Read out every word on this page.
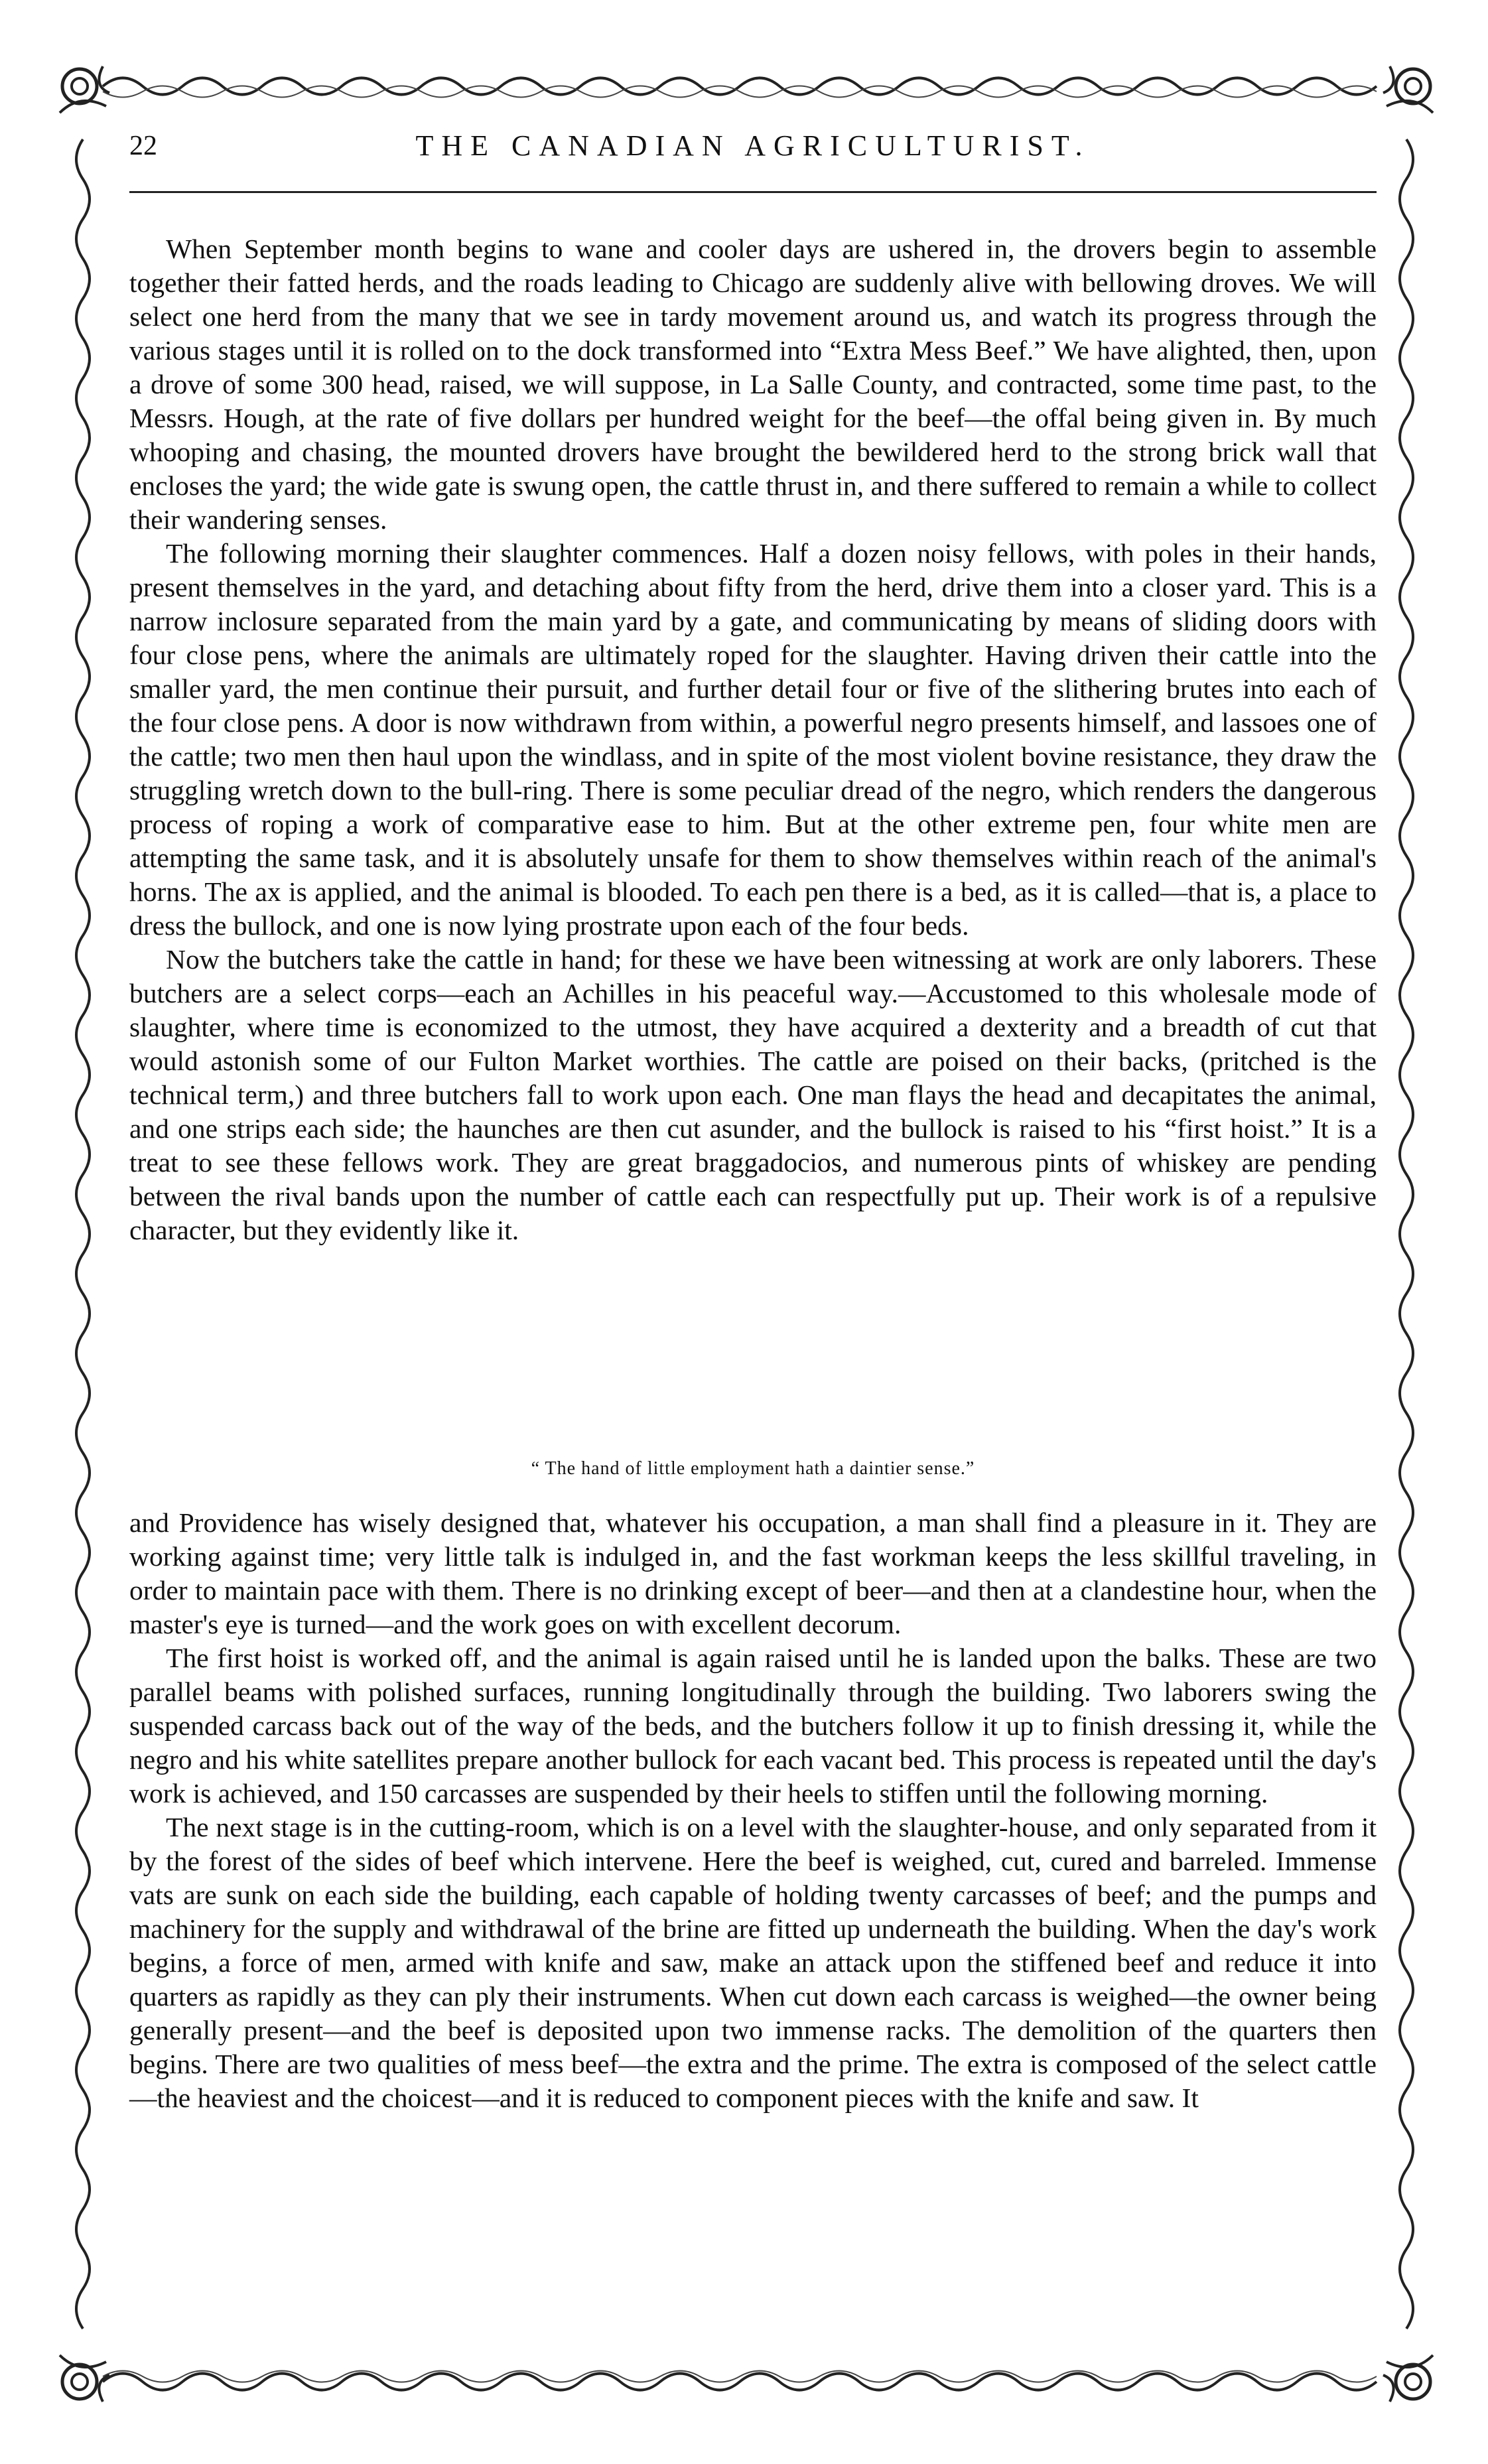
22	THE CANADIAN AGRICULTURIST.

When September month begins to wane and cooler days are ushered in, the drovers begin to assemble together their fatted herds, and the roads leading to Chicago are suddenly alive with bellowing droves. We will select one herd from the many that we see in tardy movement around us, and watch its progress through the various stages until it is rolled on to the dock transformed into “Extra Mess Beef.” We have alighted, then, upon a drove of some 300 head, raised, we will suppose, in La Salle County, and contracted, some time past, to the Messrs. Hough, at the rate of five dollars per hundred weight for the beef—the offal being given in. By much whooping and chasing, the mounted drovers have brought the bewildered herd to the strong brick wall that encloses the yard; the wide gate is swung open, the cattle thrust in, and there suffered to remain a while to collect their wandering senses.

The following morning their slaughter commences. Half a dozen noisy fellows, with poles in their hands, present themselves in the yard, and detaching about fifty from the herd, drive them into a closer yard. This is a narrow inclosure separated from the main yard by a gate, and communicating by means of sliding doors with four close pens, where the animals are ultimately roped for the slaughter. Having driven their cattle into the smaller yard, the men continue their pursuit, and further detail four or five of the slithering brutes into each of the four close pens. A door is now withdrawn from within, a powerful negro presents himself, and lassoes one of the cattle; two men then haul upon the windlass, and in spite of the most violent bovine resistance, they draw the struggling wretch down to the bull-ring. There is some peculiar dread of the negro, which renders the dangerous process of roping a work of comparative ease to him. But at the other extreme pen, four white men are attempting the same task, and it is absolutely unsafe for them to show themselves within reach of the animal's horns. The ax is applied, and the animal is blooded. To each pen there is a bed, as it is called—that is, a place to dress the bullock, and one is now lying prostrate upon each of the four beds.

Now the butchers take the cattle in hand; for these we have been witnessing at work are only laborers. These butchers are a select corps—each an Achilles in his peaceful way.—Accustomed to this wholesale mode of slaughter, where time is economized to the utmost, they have acquired a dexterity and a breadth of cut that would astonish some of our Fulton Market worthies. The cattle are poised on their backs, (pritched is the technical term,) and three butchers fall to work upon each. One man flays the head and decapitates the animal, and one strips each side; the haunches are then cut asunder, and the bullock is raised to his “first hoist.” It is a treat to see these fellows work. They are great braggadocios, and numerous pints of whiskey are pending between the rival bands upon the number of cattle each can respectfully put up. Their work is of a repulsive character, but they evidently like it.

“ The hand of little employment hath a daintier sense.”

and Providence has wisely designed that, whatever his occupation, a man shall find a pleasure in it. They are working against time; very little talk is indulged in, and the fast workman keeps the less skillful traveling, in order to maintain pace with them. There is no drinking except of beer—and then at a clandestine hour, when the master's eye is turned—and the work goes on with excellent decorum.

The first hoist is worked off, and the animal is again raised until he is landed upon the balks. These are two parallel beams with polished surfaces, running longitudinally through the building. Two laborers swing the suspended carcass back out of the way of the beds, and the butchers follow it up to finish dressing it, while the negro and his white satellites prepare another bullock for each vacant bed. This process is repeated until the day's work is achieved, and 150 carcasses are suspended by their heels to stiffen until the following morning.

The next stage is in the cutting-room, which is on a level with the slaughter-house, and only separated from it by the forest of the sides of beef which intervene. Here the beef is weighed, cut, cured and barreled. Immense vats are sunk on each side the building, each capable of holding twenty carcasses of beef; and the pumps and machinery for the supply and withdrawal of the brine are fitted up underneath the building. When the day's work begins, a force of men, armed with knife and saw, make an attack upon the stiffened beef and reduce it into quarters as rapidly as they can ply their instruments. When cut down each carcass is weighed—the owner being generally present—and the beef is deposited upon two immense racks. The demolition of the quarters then begins. There are two qualities of mess beef—the extra and the prime. The extra is composed of the select cattle—the heaviest and the choicest—and it is reduced to component pieces with the knife and saw. It
